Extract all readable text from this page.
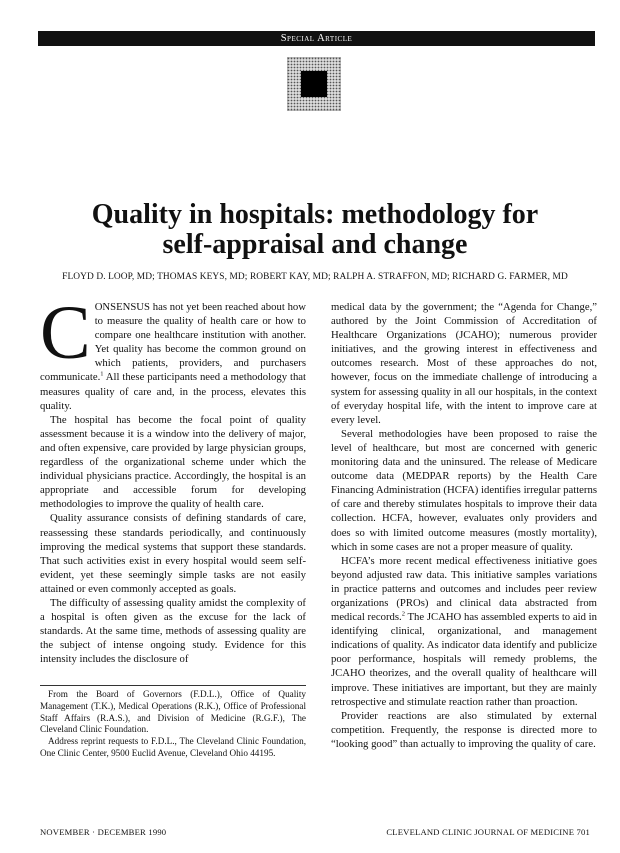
Special Article
Quality in hospitals: methodology for
self-appraisal and change
FLOYD D. LOOP, MD; THOMAS KEYS, MD; ROBERT KAY, MD; RALPH A. STRAFFON, MD; RICHARD G. FARMER, MD

CONSENSUS has not yet been reached about how to measure the quality of health care or how to compare one healthcare institution with another. Yet quality has become the common ground on which patients, providers, and purchasers communicate.$^1$ All these participants need a methodology that measures quality of care and, in the process, elevates this quality.

The hospital has become the focal point of quality assessment because it is a window into the delivery of major, and often expensive, care provided by large physician groups, regardless of the organizational scheme under which the individual physicians practice. Accordingly, the hospital is an appropriate and accessible forum for developing methodologies to improve the quality of health care.

Quality assurance consists of defining standards of care, reassessing these standards periodically, and continuously improving the medical systems that support these standards. That such activities exist in every hospital would seem self-evident, yet these seemingly simple tasks are not easily attained or even commonly accepted as goals.

The difficulty of assessing quality amidst the complexity of a hospital is often given as the excuse for the lack of standards. At the same time, methods of assessing quality are the subject of intense ongoing study. Evidence for this intensity includes the disclosure of

From the Board of Governors (F.D.L.), Office of Quality Management (T.K.), Medical Operations (R.K.), Office of Professional Staff Affairs (R.A.S.), and Division of Medicine (R.G.F.), The Cleveland Clinic Foundation.

Address reprint requests to F.D.L., The Cleveland Clinic Foundation, One Clinic Center, 9500 Euclid Avenue, Cleveland Ohio 44195.

medical data by the government; the “Agenda for Change,” authored by the Joint Commission of Accreditation of Healthcare Organizations (JCAHO); numerous provider initiatives, and the growing interest in effectiveness and outcomes research. Most of these approaches do not, however, focus on the immediate challenge of introducing a system for assessing quality in all our hospitals, in the context of everyday hospital life, with the intent to improve care at every level.

Several methodologies have been proposed to raise the level of healthcare, but most are concerned with generic monitoring data and the uninsured. The release of Medicare outcome data (MEDPAR reports) by the Health Care Financing Administration (HCFA) identifies irregular patterns of care and thereby stimulates hospitals to improve their data collection. HCFA, however, evaluates only providers and does so with limited outcome measures (mostly mortality), which in some cases are not a proper measure of quality.

HCFA’s more recent medical effectiveness initiative goes beyond adjusted raw data. This initiative samples variations in practice patterns and outcomes and includes peer review organizations (PROs) and clinical data abstracted from medical records.$^2$ The JCAHO has assembled experts to aid in identifying clinical, organizational, and management indications of quality. As indicator data identify and publicize poor performance, hospitals will remedy problems, the JCAHO theorizes, and the overall quality of healthcare will improve. These initiatives are important, but they are mainly retrospective and stimulate reaction rather than proaction.

Provider reactions are also stimulated by external competition. Frequently, the response is directed more to “looking good” than actually to improving the quality of care.

NOVEMBER · DECEMBER 1990	CLEVELAND CLINIC JOURNAL OF MEDICINE 701
